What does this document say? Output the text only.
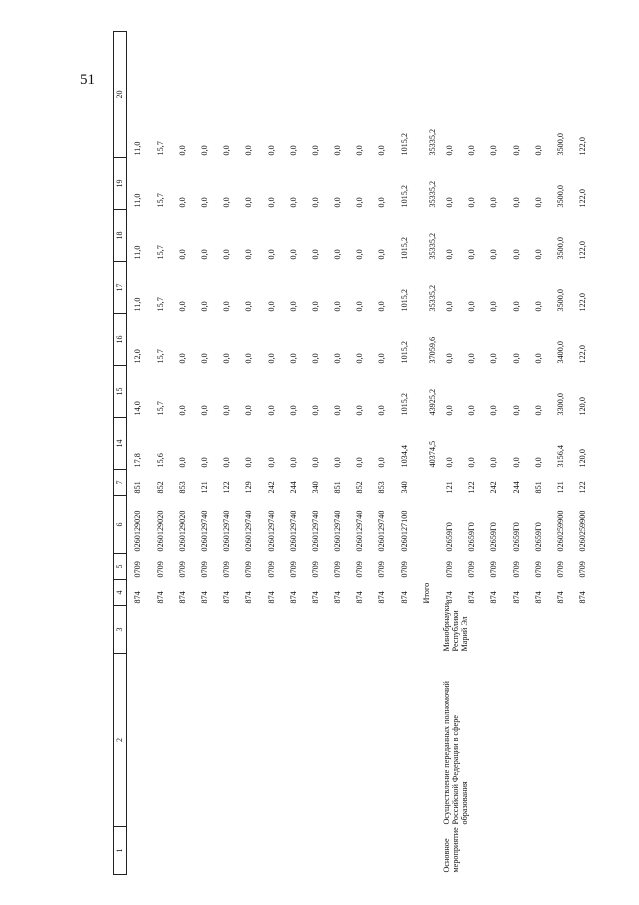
51
1	2	3	4	5	6	7	14	15	16	17	18	19	20
			874	0709	0260129020	851	17,8	14,0	12,0	11,0	11,0	11,0	11,0
			874	0709	0260129020	852	15,6	15,7	15,7	15,7	15,7	15,7	15,7
			874	0709	0260129020	853	0,0	0,0	0,0	0,0	0,0	0,0	0,0
			874	0709	0260129740	121	0,0	0,0	0,0	0,0	0,0	0,0	0,0
			874	0709	0260129740	122	0,0	0,0	0,0	0,0	0,0	0,0	0,0
			874	0709	0260129740	129	0,0	0,0	0,0	0,0	0,0	0,0	0,0
			874	0709	0260129740	242	0,0	0,0	0,0	0,0	0,0	0,0	0,0
			874	0709	0260129740	244	0,0	0,0	0,0	0,0	0,0	0,0	0,0
			874	0709	0260129740	340	0,0	0,0	0,0	0,0	0,0	0,0	0,0
			874	0709	0260129740	851	0,0	0,0	0,0	0,0	0,0	0,0	0,0
			874	0709	0260129740	852	0,0	0,0	0,0	0,0	0,0	0,0	0,0
			874	0709	0260129740	853	0,0	0,0	0,0	0,0	0,0	0,0	0,0
			874	0709	0260127100	340	1034,4	1015,2	1015,2	1015,2	1015,2	1015,2	1015,2
			Итого				40374,5	43925,2	37059,6	35335,2	35335,2	35335,2	35335,2
Основное мероприятие	Осуществление переданных полномочий Российской Федерации в сфере образования	Минобрнауки Республики Марий Эл	874	0709	02659Г0	121	0,0	0,0	0,0	0,0	0,0	0,0	0,0
			874	0709	02659Г0	122	0,0	0,0	0,0	0,0	0,0	0,0	0,0
			874	0709	02659Г0	242	0,0	0,0	0,0	0,0	0,0	0,0	0,0
			874	0709	02659Г0	244	0,0	0,0	0,0	0,0	0,0	0,0	0,0
			874	0709	02659Г0	851	0,0	0,0	0,0	0,0	0,0	0,0	0,0
			874	0709	0260259900	121	3156,4	3300,0	3400,0	3500,0	3500,0	3500,0	3500,0
			874	0709	0260259900	122	120,0	120,0	122,0	122,0	122,0	122,0	122,0
